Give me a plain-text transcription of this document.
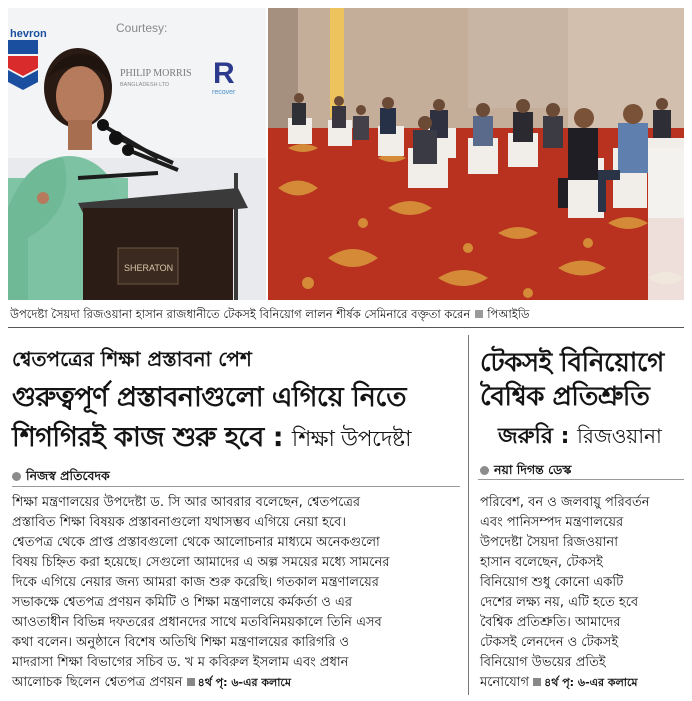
hevron	Courtesy:
PHILIP MORRIS
BANGLADESH LTD R
recover
SHERATON
উপদেষ্টা সৈয়দা রিজওয়ানা হাসান রাজধানীতে টেকসই বিনিয়োগ লালন শীর্ষক সেমিনারে বক্তৃতা করেন পিআইডি
শ্বেতপত্রের শিক্ষা প্রস্তাবনা পেশ
গুরুত্বপূর্ণ প্রস্তাবনাগুলো এগিয়ে নিতে
শিগগিরই কাজ শুরু হবে : শিক্ষা উপদেষ্টা
নিজস্ব প্রতিবেদক
শিক্ষা মন্ত্রণালয়ের উপদেষ্টা ড. সি আর আবরার বলেছেন, শ্বেতপত্রের
প্রস্তাবিত শিক্ষা বিষয়ক প্রস্তাবনাগুলো যথাসম্ভব এগিয়ে নেয়া হবে।
শ্বেতপত্র থেকে প্রাপ্ত প্রস্তাবগুলো থেকে আলোচনার মাধ্যমে অনেকগুলো
বিষয় চিহ্নিত করা হয়েছে। সেগুলো আমাদের এ অল্প সময়ের মধ্যে সামনের
দিকে এগিয়ে নেয়ার জন্য আমরা কাজ শুরু করেছি। গতকাল মন্ত্রণালয়ের
সভাকক্ষে শ্বেতপত্র প্রণয়ন কমিটি ও শিক্ষা মন্ত্রণালয়ে কর্মকর্তা ও এর
আওতাধীন বিভিন্ন দফতরের প্রধানদের সাথে মতবিনিময়কালে তিনি এসব
কথা বলেন। অনুষ্ঠানে বিশেষ অতিথি শিক্ষা মন্ত্রণালয়ের কারিগরি ও
মাদরাসা শিক্ষা বিভাগের সচিব ড. খ ম কবিরুল ইসলাম এবং প্রধান
আলোচক ছিলেন শ্বেতপত্র প্রণয়ন ৪র্থ পৃ: ৬-এর কলামে
টেকসই বিনিয়োগে
বৈশ্বিক প্রতিশ্রুতি
জরুরি : রিজওয়ানা
নয়া দিগন্ত ডেস্ক
পরিবেশ, বন ও জলবায়ু পরিবর্তন
এবং পানিসম্পদ মন্ত্রণালয়ের
উপদেষ্টা সৈয়দা রিজওয়ানা
হাসান বলেছেন, টেকসই
বিনিয়োগ শুধু কোনো একটি
দেশের লক্ষ্য নয়, এটি হতে হবে
বৈশ্বিক প্রতিশ্রুতি। আমাদের
টেকসই লেনদেন ও টেকসই
বিনিয়োগ উভয়ের প্রতিই
মনোযোগ ৪র্থ পৃ: ৬-এর কলামে
